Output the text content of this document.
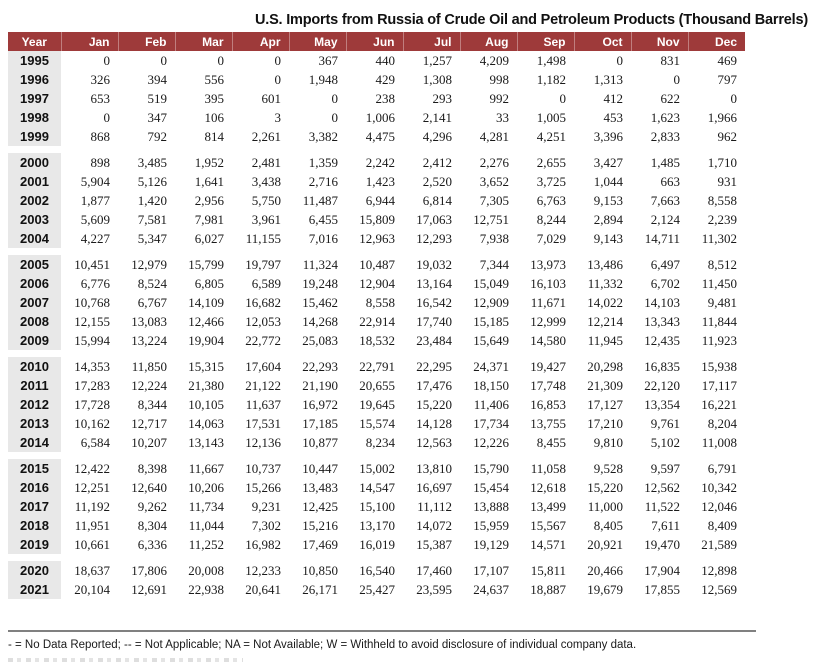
U.S. Imports from Russia of Crude Oil and Petroleum Products (Thousand Barrels)
Year	Jan	Feb	Mar	Apr	May	Jun	Jul	Aug	Sep	Oct	Nov	Dec
1995	0	0	0	0	367	440	1,257	4,209	1,498	0	831	469
1996	326	394	556	0	1,948	429	1,308	998	1,182	1,313	0	797
1997	653	519	395	601	0	238	293	992	0	412	622	0
1998	0	347	106	3	0	1,006	2,141	33	1,005	453	1,623	1,966
1999	868	792	814	2,261	3,382	4,475	4,296	4,281	4,251	3,396	2,833	962

2000	898	3,485	1,952	2,481	1,359	2,242	2,412	2,276	2,655	3,427	1,485	1,710
2001	5,904	5,126	1,641	3,438	2,716	1,423	2,520	3,652	3,725	1,044	663	931
2002	1,877	1,420	2,956	5,750	11,487	6,944	6,814	7,305	6,763	9,153	7,663	8,558
2003	5,609	7,581	7,981	3,961	6,455	15,809	17,063	12,751	8,244	2,894	2,124	2,239
2004	4,227	5,347	6,027	11,155	7,016	12,963	12,293	7,938	7,029	9,143	14,711	11,302

2005	10,451	12,979	15,799	19,797	11,324	10,487	19,032	7,344	13,973	13,486	6,497	8,512
2006	6,776	8,524	6,805	6,589	19,248	12,904	13,164	15,049	16,103	11,332	6,702	11,450
2007	10,768	6,767	14,109	16,682	15,462	8,558	16,542	12,909	11,671	14,022	14,103	9,481
2008	12,155	13,083	12,466	12,053	14,268	22,914	17,740	15,185	12,999	12,214	13,343	11,844
2009	15,994	13,224	19,904	22,772	25,083	18,532	23,484	15,649	14,580	11,945	12,435	11,923

2010	14,353	11,850	15,315	17,604	22,293	22,791	22,295	24,371	19,427	20,298	16,835	15,938
2011	17,283	12,224	21,380	21,122	21,190	20,655	17,476	18,150	17,748	21,309	22,120	17,117
2012	17,728	8,344	10,105	11,637	16,972	19,645	15,220	11,406	16,853	17,127	13,354	16,221
2013	10,162	12,717	14,063	17,531	17,185	15,574	14,128	17,734	13,755	17,210	9,761	8,204
2014	6,584	10,207	13,143	12,136	10,877	8,234	12,563	12,226	8,455	9,810	5,102	11,008

2015	12,422	8,398	11,667	10,737	10,447	15,002	13,810	15,790	11,058	9,528	9,597	6,791
2016	12,251	12,640	10,206	15,266	13,483	14,547	16,697	15,454	12,618	15,220	12,562	10,342
2017	11,192	9,262	11,734	9,231	12,425	15,100	11,112	13,888	13,499	11,000	11,522	12,046
2018	11,951	8,304	11,044	7,302	15,216	13,170	14,072	15,959	15,567	8,405	7,611	8,409
2019	10,661	6,336	11,252	16,982	17,469	16,019	15,387	19,129	14,571	20,921	19,470	21,589

2020	18,637	17,806	20,008	12,233	10,850	16,540	17,460	17,107	15,811	20,466	17,904	12,898
2021	20,104	12,691	22,938	20,641	26,171	25,427	23,595	24,637	18,887	19,679	17,855	12,569
- = No Data Reported; -- = Not Applicable; NA = Not Available; W = Withheld to avoid disclosure of individual company data.
